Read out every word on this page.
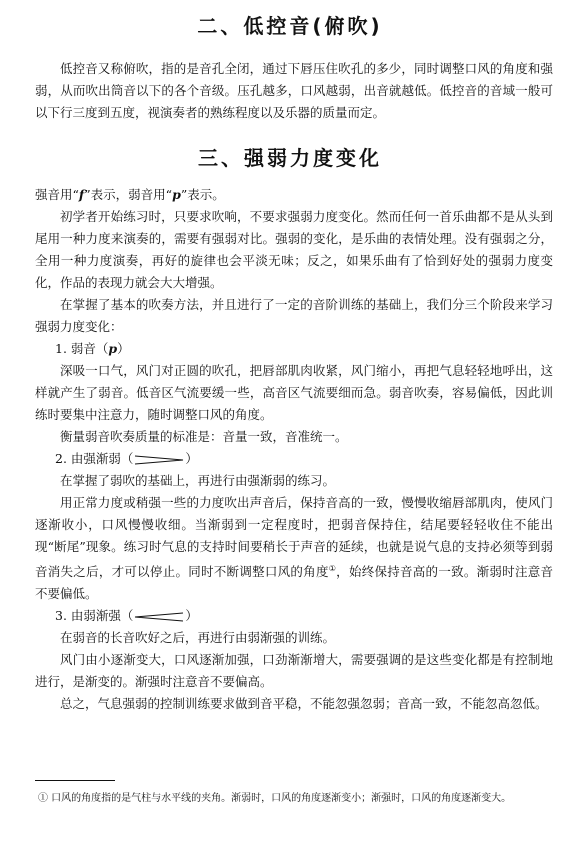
二、低控音(俯吹)
低控音又称俯吹，指的是音孔全闭，通过下唇压住吹孔的多少，同时调整口风的角度和强弱，从而吹出筒音以下的各个音级。压孔越多，口风越弱，出音就越低。低控音的音域一般可以下行三度到五度，视演奏者的熟练程度以及乐器的质量而定。
三、强弱力度变化
强音用“f”表示，弱音用“p”表示。
初学者开始练习时，只要求吹响，不要求强弱力度变化。然而任何一首乐曲都不是从头到尾用一种力度来演奏的，需要有强弱对比。强弱的变化，是乐曲的表情处理。没有强弱之分，全用一种力度演奏，再好的旋律也会平淡无味；反之，如果乐曲有了恰到好处的强弱力度变化，作品的表现力就会大大增强。
在掌握了基本的吹奏方法，并且进行了一定的音阶训练的基础上，我们分三个阶段来学习强弱力度变化：
1. 弱音（p）
深吸一口气，风门对正圆的吹孔，把唇部肌肉收紧，风门缩小，再把气息轻轻地呼出，这样就产生了弱音。低音区气流要缓一些，高音区气流要细而急。弱音吹奏，容易偏低，因此训练时要集中注意力，随时调整口风的角度。
衡量弱音吹奏质量的标准是：音量一致，音准统一。
2. 由强渐弱（	）
在掌握了弱吹的基础上，再进行由强渐弱的练习。
用正常力度或稍强一些的力度吹出声音后，保持音高的一致，慢慢收缩唇部肌肉，使风门逐渐收小，口风慢慢收细。当渐弱到一定程度时，把弱音保持住，结尾要轻轻收住不能出现“断尾”现象。练习时气息的支持时间要稍长于声音的延续，也就是说气息的支持必须等到弱音消失之后，才可以停止。同时不断调整口风的角度①，始终保持音高的一致。渐弱时注意音不要偏低。
3. 由弱渐强（	）
在弱音的长音吹好之后，再进行由弱渐强的训练。
风门由小逐渐变大，口风逐渐加强，口劲渐渐增大，需要强调的是这些变化都是有控制地进行，是渐变的。渐强时注意音不要偏高。
总之，气息强弱的控制训练要求做到音平稳，不能忽强忽弱；音高一致，不能忽高忽低。
① 口风的角度指的是气柱与水平线的夹角。渐弱时，口风的角度逐渐变小；渐强时，口风的角度逐渐变大。
